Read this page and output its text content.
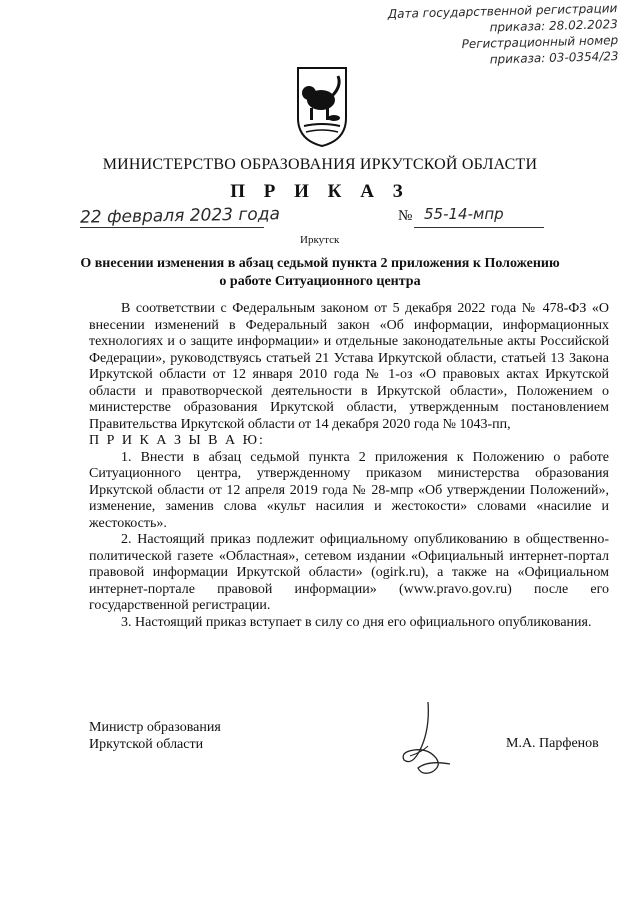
Дата государственной регистрации
приказа: 28.02.2023
Регистрационный номер
приказа: 03-0354/23
МИНИСТЕРСТВО ОБРАЗОВАНИЯ ИРКУТСКОЙ ОБЛАСТИ
П Р И К А З
22 февраля 2023 года	№ 55-14-мпр
Иркутск
О внесении изменения в абзац седьмой пункта 2 приложения к Положению
о работе Ситуационного центра

В соответствии с Федеральным законом от 5 декабря 2022 года № 478-ФЗ «О внесении изменений в Федеральный закон «Об информации, информационных технологиях и о защите информации» и отдельные законодательные акты Российской Федерации», руководствуясь статьей 21 Устава Иркутской области, статьей 13 Закона Иркутской области от 12 января 2010 года № 1-оз «О правовых актах Иркутской области и правотворческой деятельности в Иркутской области», Положением о министерстве образования Иркутской области, утвержденным постановлением Правительства Иркутской области от 14 декабря 2020 года № 1043-пп,

П Р И К А З Ы В А Ю:

1. Внести в абзац седьмой пункта 2 приложения к Положению о работе Ситуационного центра, утвержденному приказом министерства образования Иркутской области от 12 апреля 2019 года № 28-мпр «Об утверждении Положений», изменение, заменив слова «культ насилия и жестокости» словами «насилие и жестокость».

2. Настоящий приказ подлежит официальному опубликованию в общественно-политической газете «Областная», сетевом издании «Официальный интернет-портал правовой информации Иркутской области» (ogirk.ru), а также на «Официальном интернет-портале правовой информации» (www.pravo.gov.ru) после его государственной регистрации.

3. Настоящий приказ вступает в силу со дня его официального опубликования.

Министр образования
Иркутской области	М.А. Парфенов
